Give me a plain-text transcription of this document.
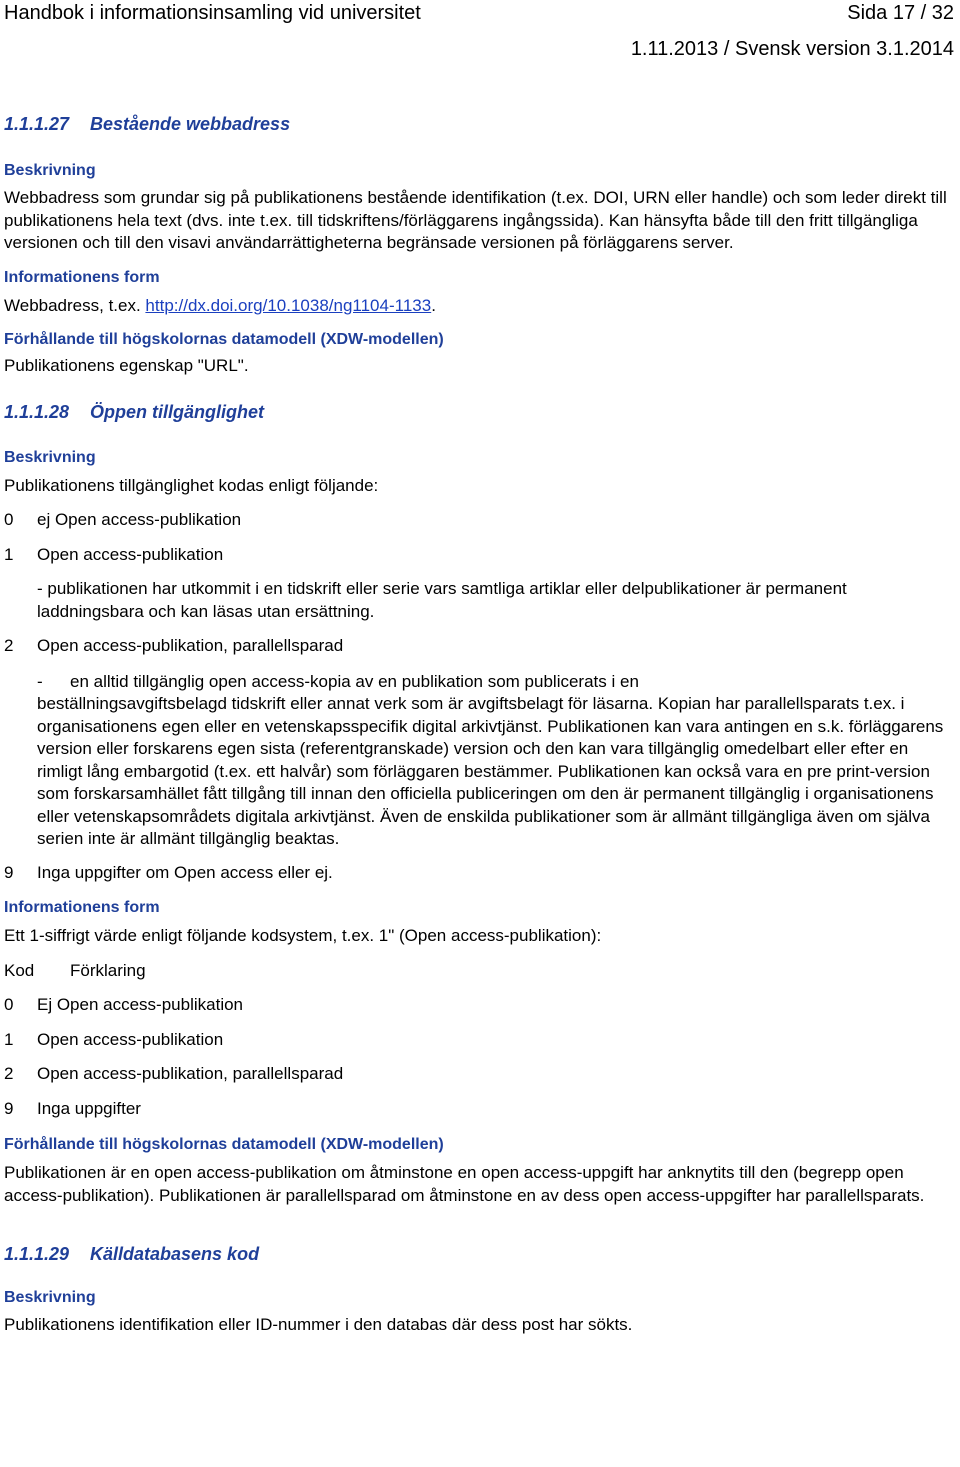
Handbok i informationsinsamling vid universitet	Sida 17 / 32
1.11.2013 / Svensk version 3.1.2014
1.1.1.27 Bestående webbadress
Beskrivning

Webbadress som grundar sig på publikationens bestående identifikation (t.ex. DOI, URN eller handle) och som leder direkt till publikationens hela text (dvs. inte t.ex. till tidskriftens/förläggarens ingångssida). Kan hänsyfta både till den fritt tillgängliga versionen och till den visavi användarrättigheterna begränsade versionen på förläggarens server.

Informationens form

Webbadress, t.ex. http://dx.doi.org/10.1038/ng1104-1133.

Förhållande till högskolornas datamodell (XDW-modellen)

Publikationens egenskap "URL".

1.1.1.28 Öppen tillgänglighet
Beskrivning

Publikationens tillgänglighet kodas enligt följande:

0	ej Open access-publikation
1	Open access-publikation

- publikationen har utkommit i en tidskrift eller serie vars samtliga artiklar eller delpublikationer är permanent laddningsbara och kan läsas utan ersättning.

2	Open access-publikation, parallellsparad
-	en alltid tillgänglig open access-kopia av en publikation som publicerats i en
beställningsavgiftsbelagd tidskrift eller annat verk som är avgiftsbelagt för läsarna. Kopian har parallellsparats t.ex. i organisationens egen eller en vetenskapsspecifik digital arkivtjänst. Publikationen kan vara antingen en s.k. förläggarens version eller forskarens egen sista (referentgranskade) version och den kan vara tillgänglig omedelbart eller efter en rimligt lång embargotid (t.ex. ett halvår) som förläggaren bestämmer. Publikationen kan också vara en pre print-version som forskarsamhället fått tillgång till innan den officiella publiceringen om den är permanent tillgänglig i organisationens eller vetenskapsområdets digitala arkivtjänst. Även de enskilda publikationer som är allmänt tillgängliga även om själva serien inte är allmänt tillgänglig beaktas.
9	Inga uppgifter om Open access eller ej.
Informationens form

Ett 1-siffrigt värde enligt följande kodsystem, t.ex. 1" (Open access-publikation):

Kod	Förklaring
0	Ej Open access-publikation
1	Open access-publikation
2	Open access-publikation, parallellsparad
9	Inga uppgifter
Förhållande till högskolornas datamodell (XDW-modellen)

Publikationen är en open access-publikation om åtminstone en open access-uppgift har anknytits till den (begrepp open access-publikation). Publikationen är parallellsparad om åtminstone en av dess open access-uppgifter har parallellsparats.

1.1.1.29 Källdatabasens kod
Beskrivning

Publikationens identifikation eller ID-nummer i den databas där dess post har sökts.
